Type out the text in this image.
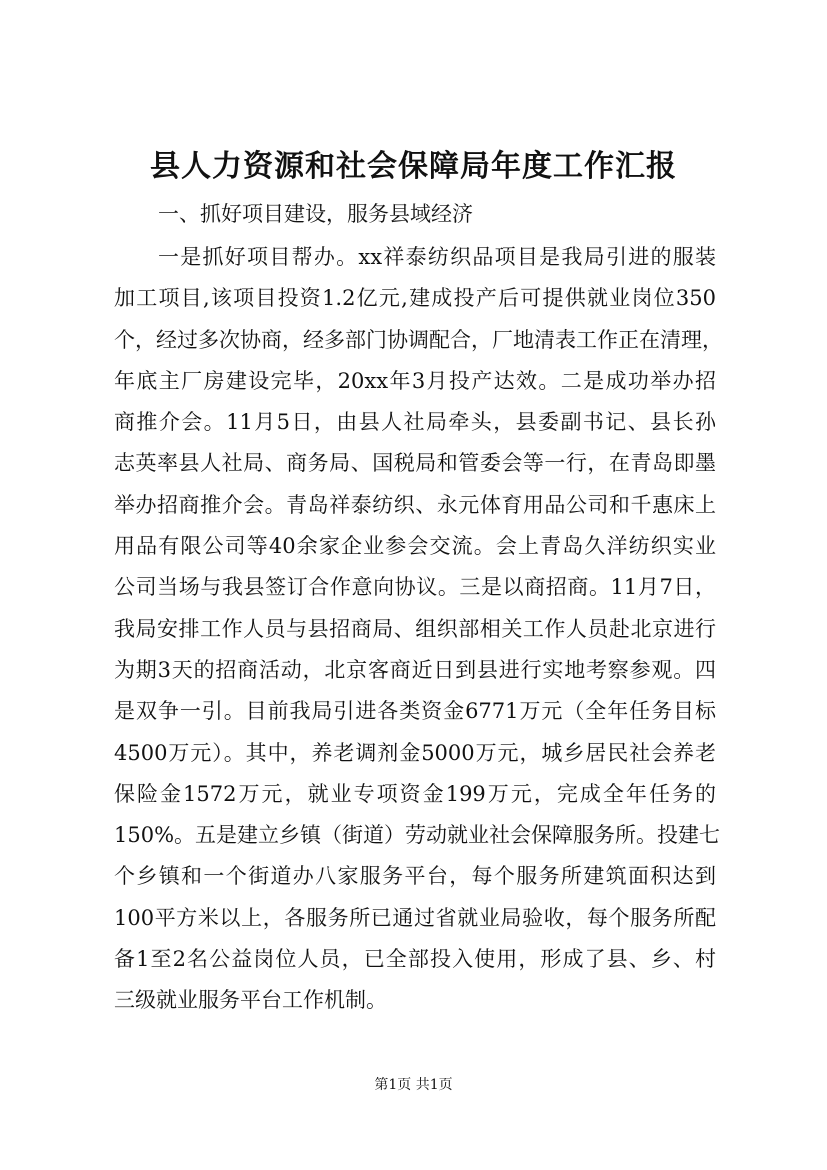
县人力资源和社会保障局年度工作汇报

一、抓好项目建设，服务县域经济

一是抓好项目帮办。xx祥泰纺织品项目是我局引进的服装
加工项目,该项目投资1.2亿元,建成投产后可提供就业岗位350
个，经过多次协商，经多部门协调配合，厂地清表工作正在清理，
年底主厂房建设完毕，20xx年3月投产达效。二是成功举办招
商推介会。11月5日，由县人社局牵头，县委副书记、县长孙
志英率县人社局、商务局、国税局和管委会等一行，在青岛即墨
举办招商推介会。青岛祥泰纺织、永元体育用品公司和千惠床上
用品有限公司等40余家企业参会交流。会上青岛久洋纺织实业
公司当场与我县签订合作意向协议。三是以商招商。11月7日，
我局安排工作人员与县招商局、组织部相关工作人员赴北京进行
为期3天的招商活动，北京客商近日到县进行实地考察参观。四
是双争一引。目前我局引进各类资金6771万元（全年任务目标
4500万元）。其中，养老调剂金5000万元，城乡居民社会养老
保险金1572万元，就业专项资金199万元，完成全年任务的
150%。五是建立乡镇（街道）劳动就业社会保障服务所。投建七
个乡镇和一个街道办八家服务平台，每个服务所建筑面积达到
100平方米以上，各服务所已通过省就业局验收，每个服务所配
备1至2名公益岗位人员，已全部投入使用，形成了县、乡、村
三级就业服务平台工作机制。
第1页 共1页
